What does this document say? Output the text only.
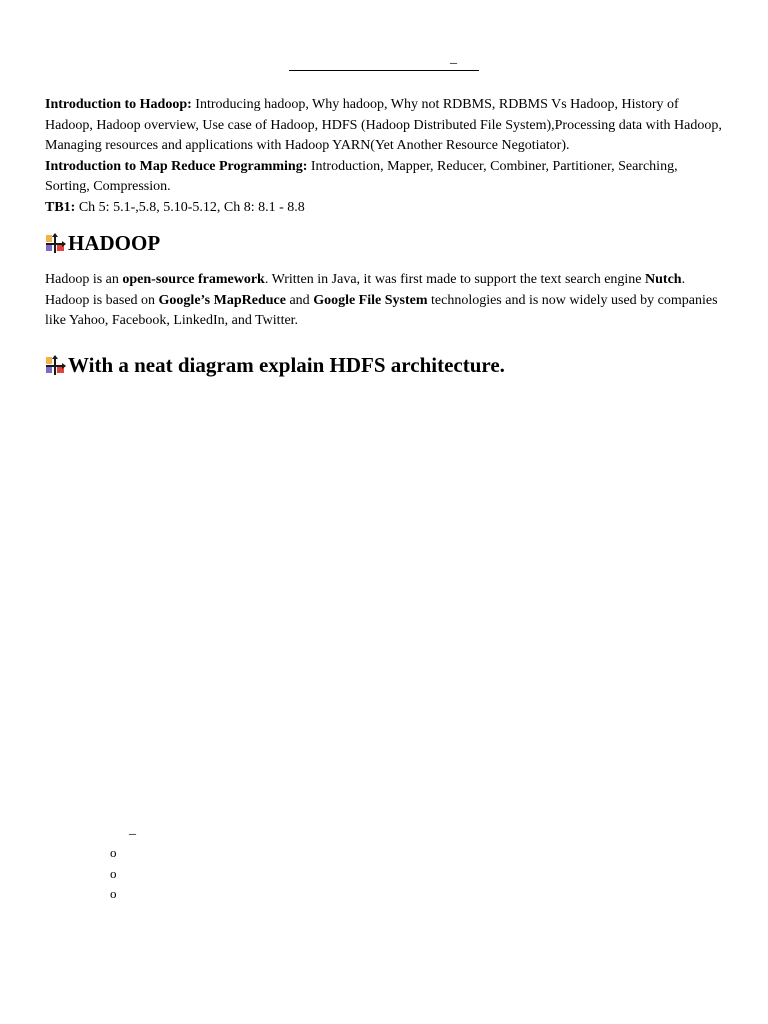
_

Introduction to Hadoop: Introducing hadoop, Why hadoop, Why not RDBMS, RDBMS Vs Hadoop, History of Hadoop, Hadoop overview, Use case of Hadoop, HDFS (Hadoop Distributed File System),Processing data with Hadoop, Managing resources and applications with Hadoop YARN(Yet Another Resource Negotiator).

Introduction to Map Reduce Programming: Introduction, Mapper, Reducer, Combiner, Partitioner, Searching, Sorting, Compression.

TB1: Ch 5: 5.1-,5.8, 5.10-5.12, Ch 8: 8.1 - 8.8

HADOOP

Hadoop is an open-source framework. Written in Java, it was first made to support the text search engine Nutch. Hadoop is based on Google’s MapReduce and Google File System technologies and is now widely used by companies like Yahoo, Facebook, LinkedIn, and Twitter.

With a neat diagram explain HDFS architecture.
_
o
o
o
